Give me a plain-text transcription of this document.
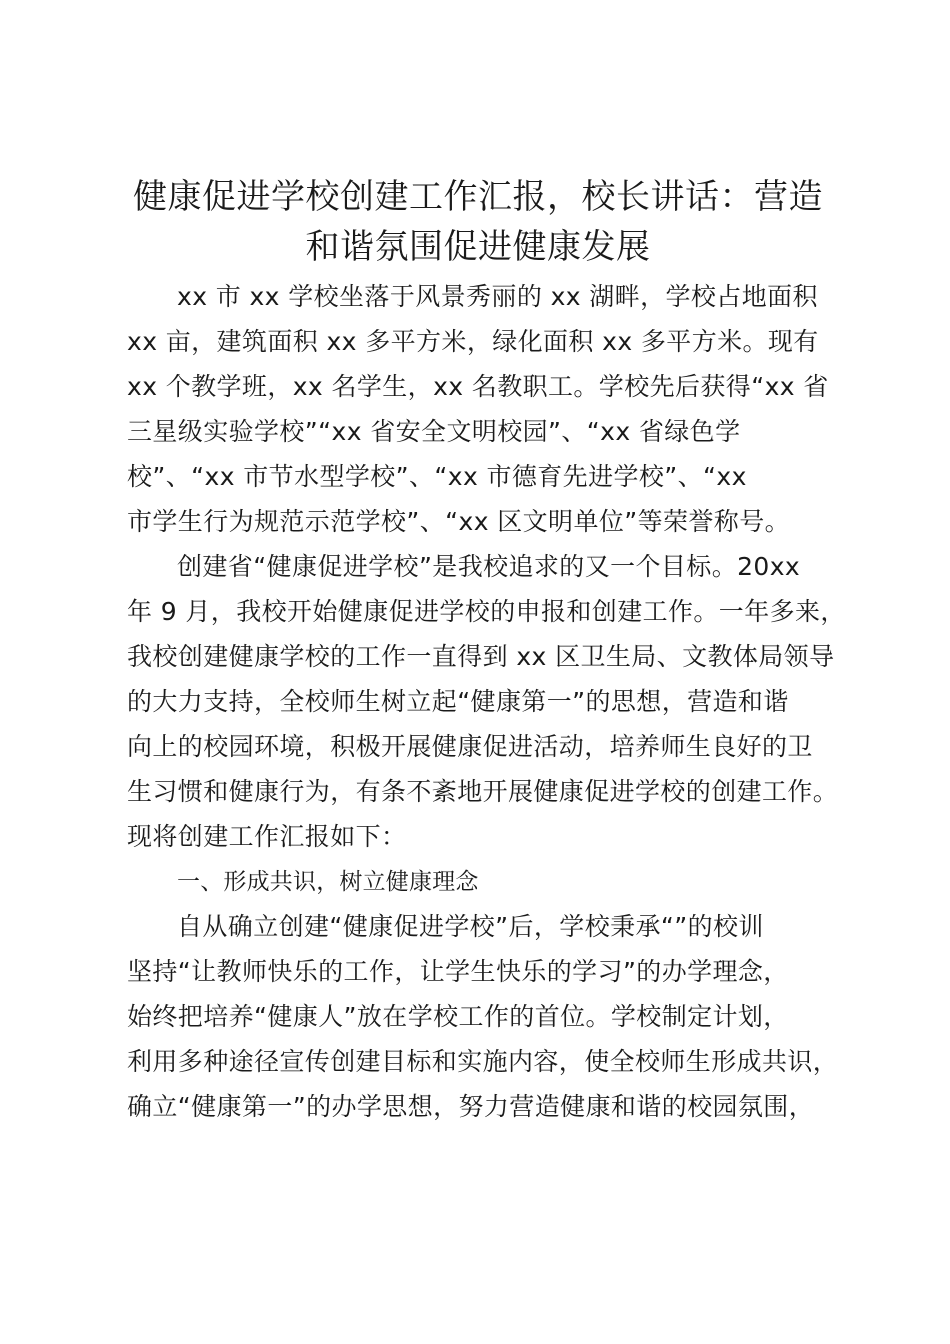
健康促进学校创建工作汇报，校长讲话：营造
和谐氛围促进健康发展

xx 市 xx 学校坐落于风景秀丽的 xx 湖畔，学校占地面积

xx 亩，建筑面积 xx 多平方米，绿化面积 xx 多平方米。现有

xx 个教学班，xx 名学生，xx 名教职工。学校先后获得“xx 省

三星级实验学校”“xx 省安全文明校园”、“xx 省绿色学

校”、“xx 市节水型学校”、“xx 市德育先进学校”、“xx

市学生行为规范示范学校”、“xx 区文明单位”等荣誉称号。

创建省“健康促进学校”是我校追求的又一个目标。20xx

年 9 月，我校开始健康促进学校的申报和创建工作。一年多来，

我校创建健康学校的工作一直得到 xx 区卫生局、文教体局领导

的大力支持，全校师生树立起“健康第一”的思想，营造和谐

向上的校园环境，积极开展健康促进活动，培养师生良好的卫

生习惯和健康行为，有条不紊地开展健康促进学校的创建工作。

现将创建工作汇报如下：

一、形成共识，树立健康理念

自从确立创建“健康促进学校”后，学校秉承“”的校训

坚持“让教师快乐的工作，让学生快乐的学习”的办学理念，

始终把培养“健康人”放在学校工作的首位。学校制定计划，

利用多种途径宣传创建目标和实施内容，使全校师生形成共识，

确立“健康第一”的办学思想，努力营造健康和谐的校园氛围，
